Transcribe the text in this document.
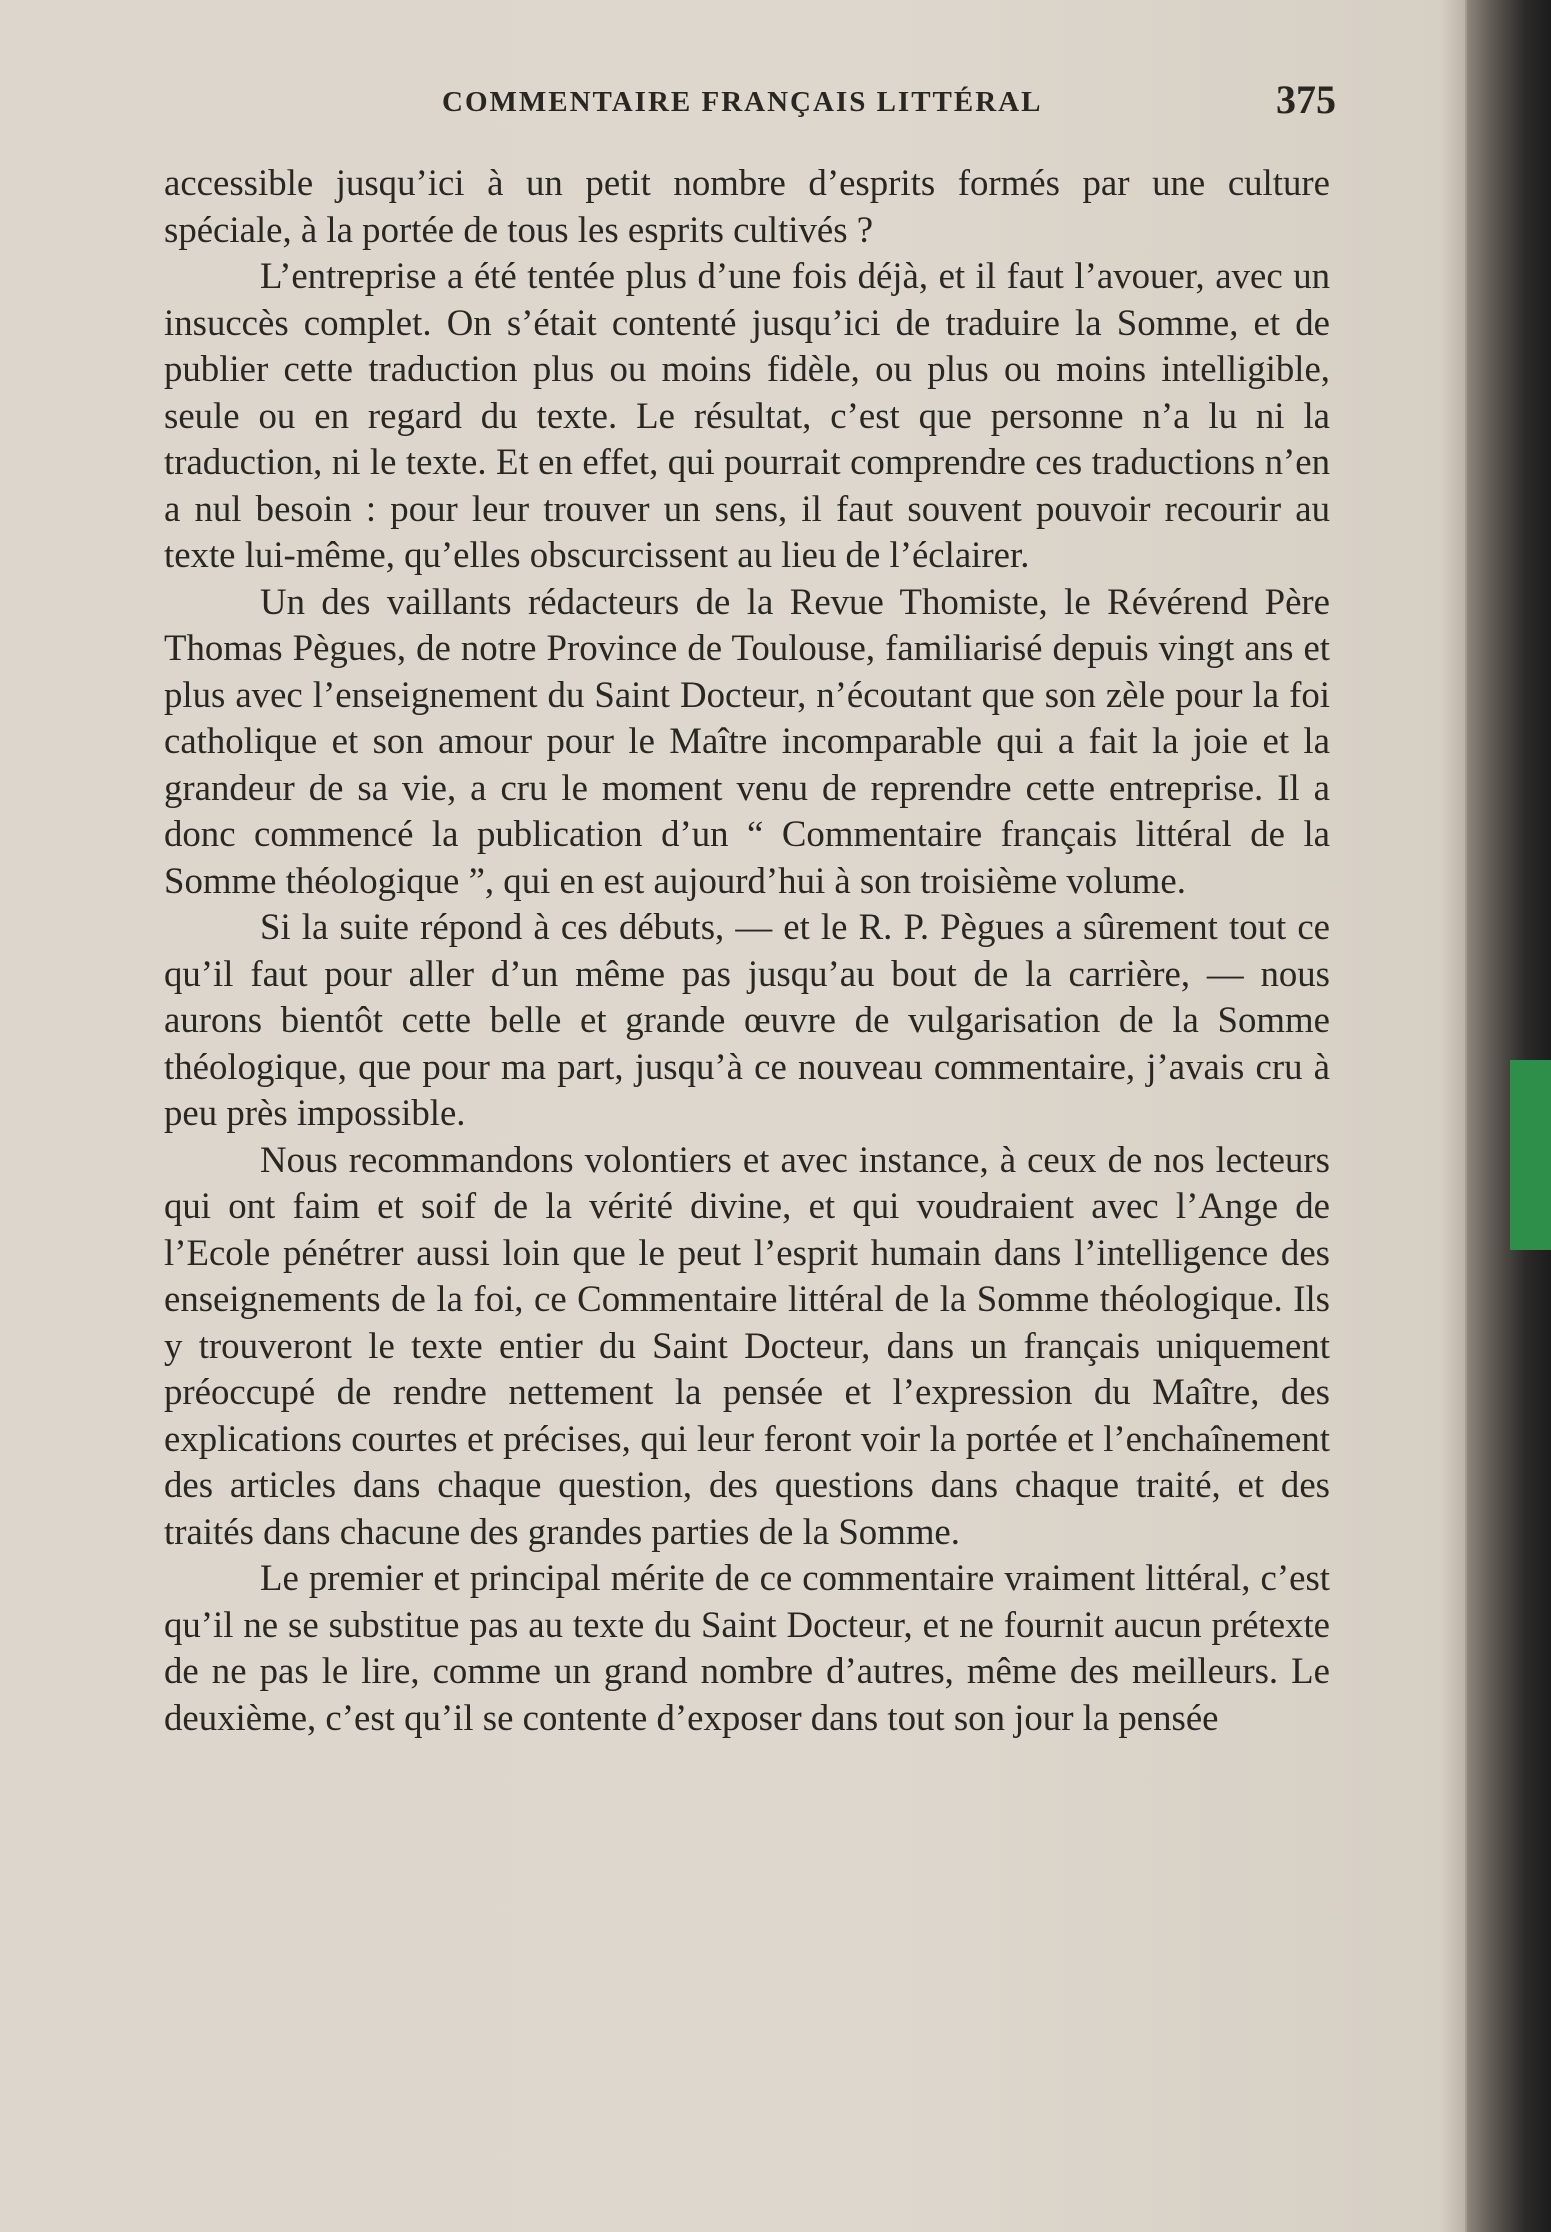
COMMENTAIRE FRANÇAIS LITTÉRAL	375

accessible jusqu’ici à un petit nombre d’esprits formés par une culture spéciale, à la portée de tous les esprits cultivés ?

L’entreprise a été tentée plus d’une fois déjà, et il faut l’avouer, avec un insuccès complet. On s’était contenté jusqu’ici de traduire la Somme, et de publier cette traduction plus ou moins fidèle, ou plus ou moins intelligible, seule ou en regard du texte. Le résultat, c’est que personne n’a lu ni la traduction, ni le texte. Et en effet, qui pourrait comprendre ces traductions n’en a nul besoin : pour leur trouver un sens, il faut souvent pouvoir recourir au texte lui-même, qu’elles obscurcissent au lieu de l’éclairer.

Un des vaillants rédacteurs de la Revue Thomiste, le Révérend Père Thomas Pègues, de notre Province de Toulouse, familiarisé depuis vingt ans et plus avec l’enseignement du Saint Docteur, n’écoutant que son zèle pour la foi catholique et son amour pour le Maître incomparable qui a fait la joie et la grandeur de sa vie, a cru le moment venu de reprendre cette entreprise. Il a donc commencé la publication d’un “ Commentaire français littéral de la Somme théologique ”, qui en est aujourd’hui à son troisième volume.

Si la suite répond à ces débuts, — et le R. P. Pègues a sûrement tout ce qu’il faut pour aller d’un même pas jusqu’au bout de la carrière, — nous aurons bientôt cette belle et grande œuvre de vulgarisation de la Somme théologique, que pour ma part, jusqu’à ce nouveau commentaire, j’avais cru à peu près impossible.

Nous recommandons volontiers et avec instance, à ceux de nos lecteurs qui ont faim et soif de la vérité divine, et qui voudraient avec l’Ange de l’Ecole pénétrer aussi loin que le peut l’esprit humain dans l’intelligence des enseignements de la foi, ce Commentaire littéral de la Somme théologique. Ils y trouveront le texte entier du Saint Docteur, dans un français uniquement préoccupé de rendre nettement la pensée et l’expression du Maître, des explications courtes et précises, qui leur feront voir la portée et l’enchaînement des articles dans chaque question, des questions dans chaque traité, et des traités dans chacune des grandes parties de la Somme.

Le premier et principal mérite de ce commentaire vraiment littéral, c’est qu’il ne se substitue pas au texte du Saint Docteur, et ne fournit aucun prétexte de ne pas le lire, comme un grand nombre d’autres, même des meilleurs. Le deuxième, c’est qu’il se contente d’exposer dans tout son jour la pensée
